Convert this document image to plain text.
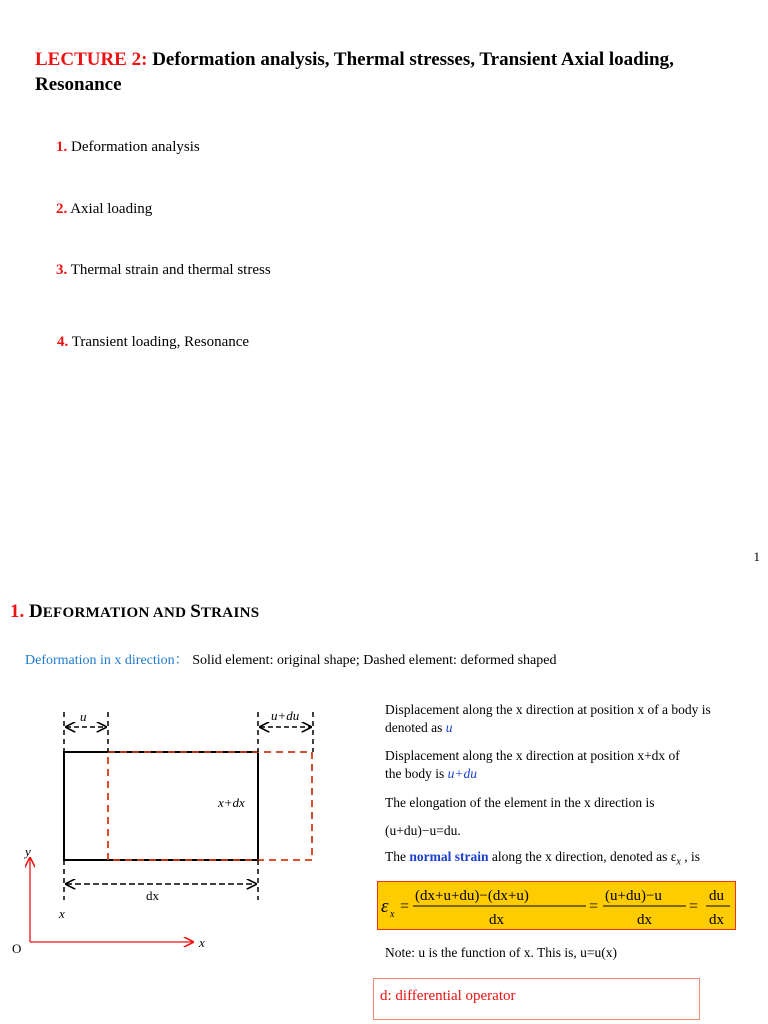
LECTURE 2: Deformation analysis, Thermal stresses, Transient Axial loading, Resonance
1. Deformation analysis
2. Axial loading
3. Thermal strain and thermal stress
4. Transient loading, Resonance
1
1. DEFORMATION AND STRAINS
Deformation in x direction： Solid element: original shape; Dashed element: deformed shaped
u	u+du
x+dx
dx
x
y
x
O
Displacement along the x direction at position x of a body is denoted as u
Displacement along the x direction at position x+dx of the body is u+du
The elongation of the element in the x direction is
(u+du)−u=du.
The normal strain along the x direction, denoted as $\varepsilon_x$ , is
ε x =
(dx+u+du)−(dx+u)
dx
=
(u+du)−u
dx
=
du
dx
Note: u is the function of x. This is, u=u(x)
d: differential operator
